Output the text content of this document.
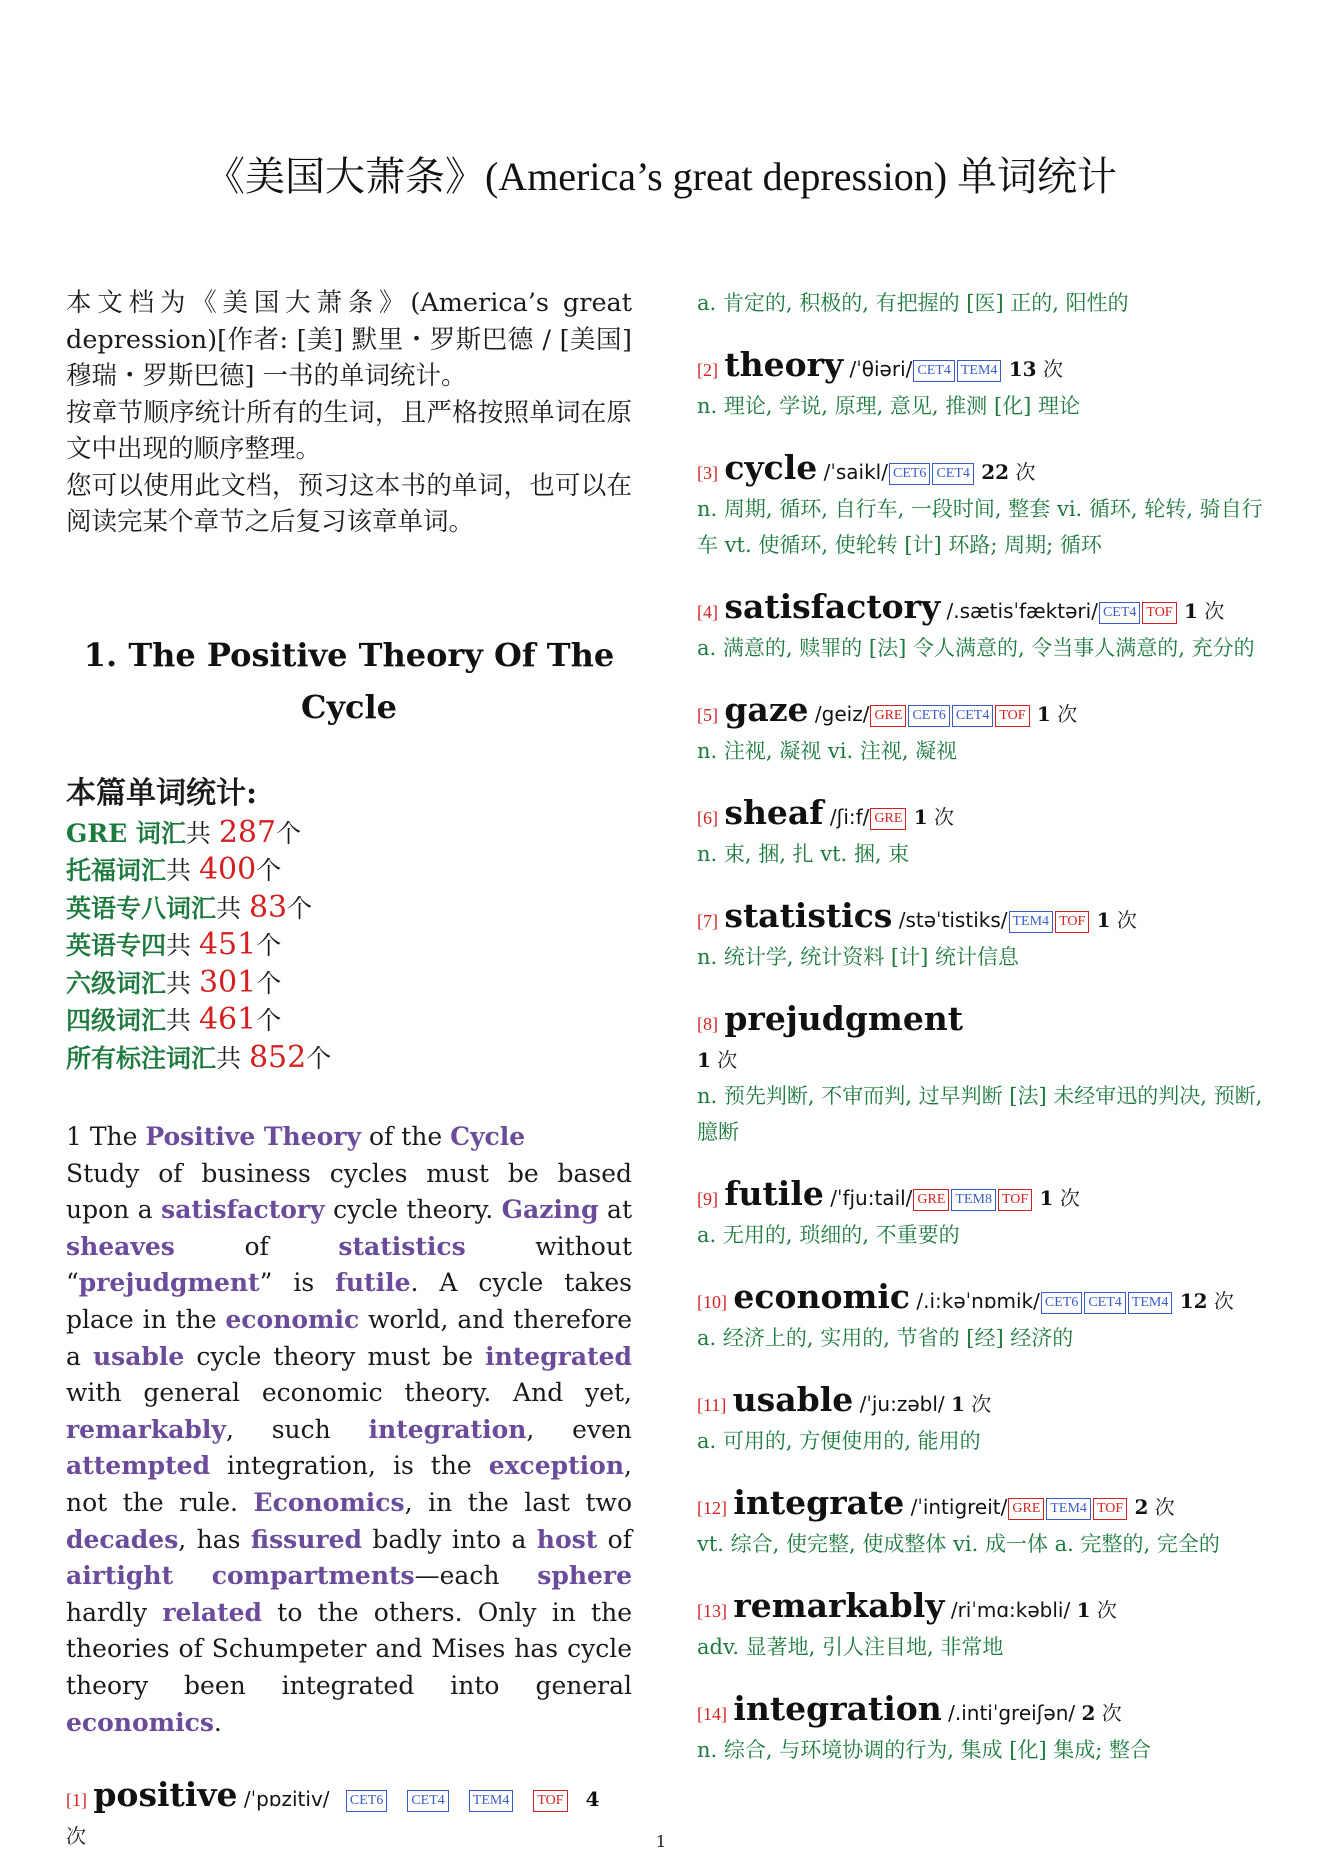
《美国大萧条》(America’s great depression) 单词统计

本文档为《美国大萧条》(America’s great depression)[作者: [美] 默里・罗斯巴德 / [美国] 穆瑞・罗斯巴德] 一书的单词统计。

按章节顺序统计所有的生词，且严格按照单词在原文中出现的顺序整理。

您可以使用此文档，预习这本书的单词，也可以在阅读完某个章节之后复习该章单词。

1. The Positive Theory Of The Cycle
本篇单词统计:
GRE 词汇共 287个
托福词汇共 400个
英语专八词汇共 83个
英语专四共 451个
六级词汇共 301个
四级词汇共 461个
所有标注词汇共 852个

1 The Positive Theory of the Cycle

Study of business cycles must be based upon a satisfactory cycle theory. Gazing at sheaves of statistics without “prejudgment” is futile. A cycle takes place in the economic world, and therefore a usable cycle theory must be integrated with general economic theory. And yet, remarkably, such integration, even attempted integration, is the exception, not the rule. Economics, in the last two decades, has fissured badly into a host of airtight compartments—each sphere hardly related to the others. Only in the theories of Schumpeter and Mises has cycle theory been integrated into general economics.

[1] positive /ˈpɒzitiv/ CET6 CET4 TEM4 TOF 4
次
a. 肯定的, 积极的, 有把握的 [医] 正的, 阳性的
[2] theory /ˈθiəri/ CET4 TEM4 13 次
n. 理论, 学说, 原理, 意见, 推测 [化] 理论
[3] cycle /ˈsaikl/ CET6 CET4 22 次
n. 周期, 循环, 自行车, 一段时间, 整套 vi. 循环, 轮转, 骑自行车 vt. 使循环, 使轮转 [计] 环路; 周期; 循环
[4] satisfactory /.sætisˈfæktəri/ CET4 TOF 1 次
a. 满意的, 赎罪的 [法] 令人满意的, 令当事人满意的, 充分的
[5] gaze /geiz/ GRE CET6 CET4 TOF 1 次
n. 注视, 凝视 vi. 注视, 凝视
[6] sheaf /ʃi:f/ GRE 1 次
n. 束, 捆, 扎 vt. 捆, 束
[7] statistics /stəˈtistiks/ TEM4 TOF 1 次
n. 统计学, 统计资料 [计] 统计信息
[8] prejudgment
1 次
n. 预先判断, 不审而判, 过早判断 [法] 未经审迅的判决, 预断, 臆断
[9] futile /ˈfju:tail/ GRE TEM8 TOF 1 次
a. 无用的, 琐细的, 不重要的
[10] economic /.i:kəˈnɒmik/ CET6 CET4 TEM4 12 次
a. 经济上的, 实用的, 节省的 [经] 经济的
[11] usable /ˈju:zəbl/ 1 次
a. 可用的, 方便使用的, 能用的
[12] integrate /ˈintigreit/ GRE TEM4 TOF 2 次
vt. 综合, 使完整, 使成整体 vi. 成一体 a. 完整的, 完全的
[13] remarkably /riˈmɑ:kəbli/ 1 次
adv. 显著地, 引人注目地, 非常地
[14] integration /.intiˈgreiʃən/ 2 次
n. 综合, 与环境协调的行为, 集成 [化] 集成; 整合
1
